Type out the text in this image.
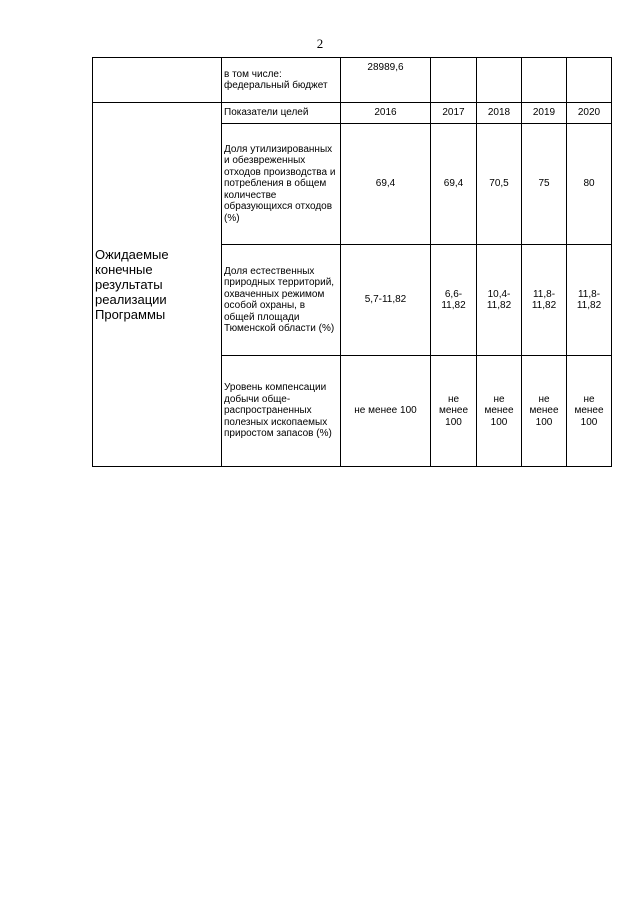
2
	в том числе: федеральный бюджет	28989,6				
Ожидаемые конечные результаты реализации Программы	Показатели целей	2016	2017	2018	2019	2020
	Доля утилизированных и обезвреженных отходов производства и потребления в общем количестве образующихся отходов (%)	69,4	69,4	70,5	75	80
	Доля естественных природных территорий, охваченных режимом особой охраны, в общей площади Тюменской области (%)	5,7-11,82	6,6-11,82	10,4-11,82	11,8-11,82	11,8-11,82
	Уровень компенсации добычи обще-распространенных полезных ископаемых приростом запасов (%)	не менее 100	не менее 100	не менее 100	не менее 100	не менее 100
